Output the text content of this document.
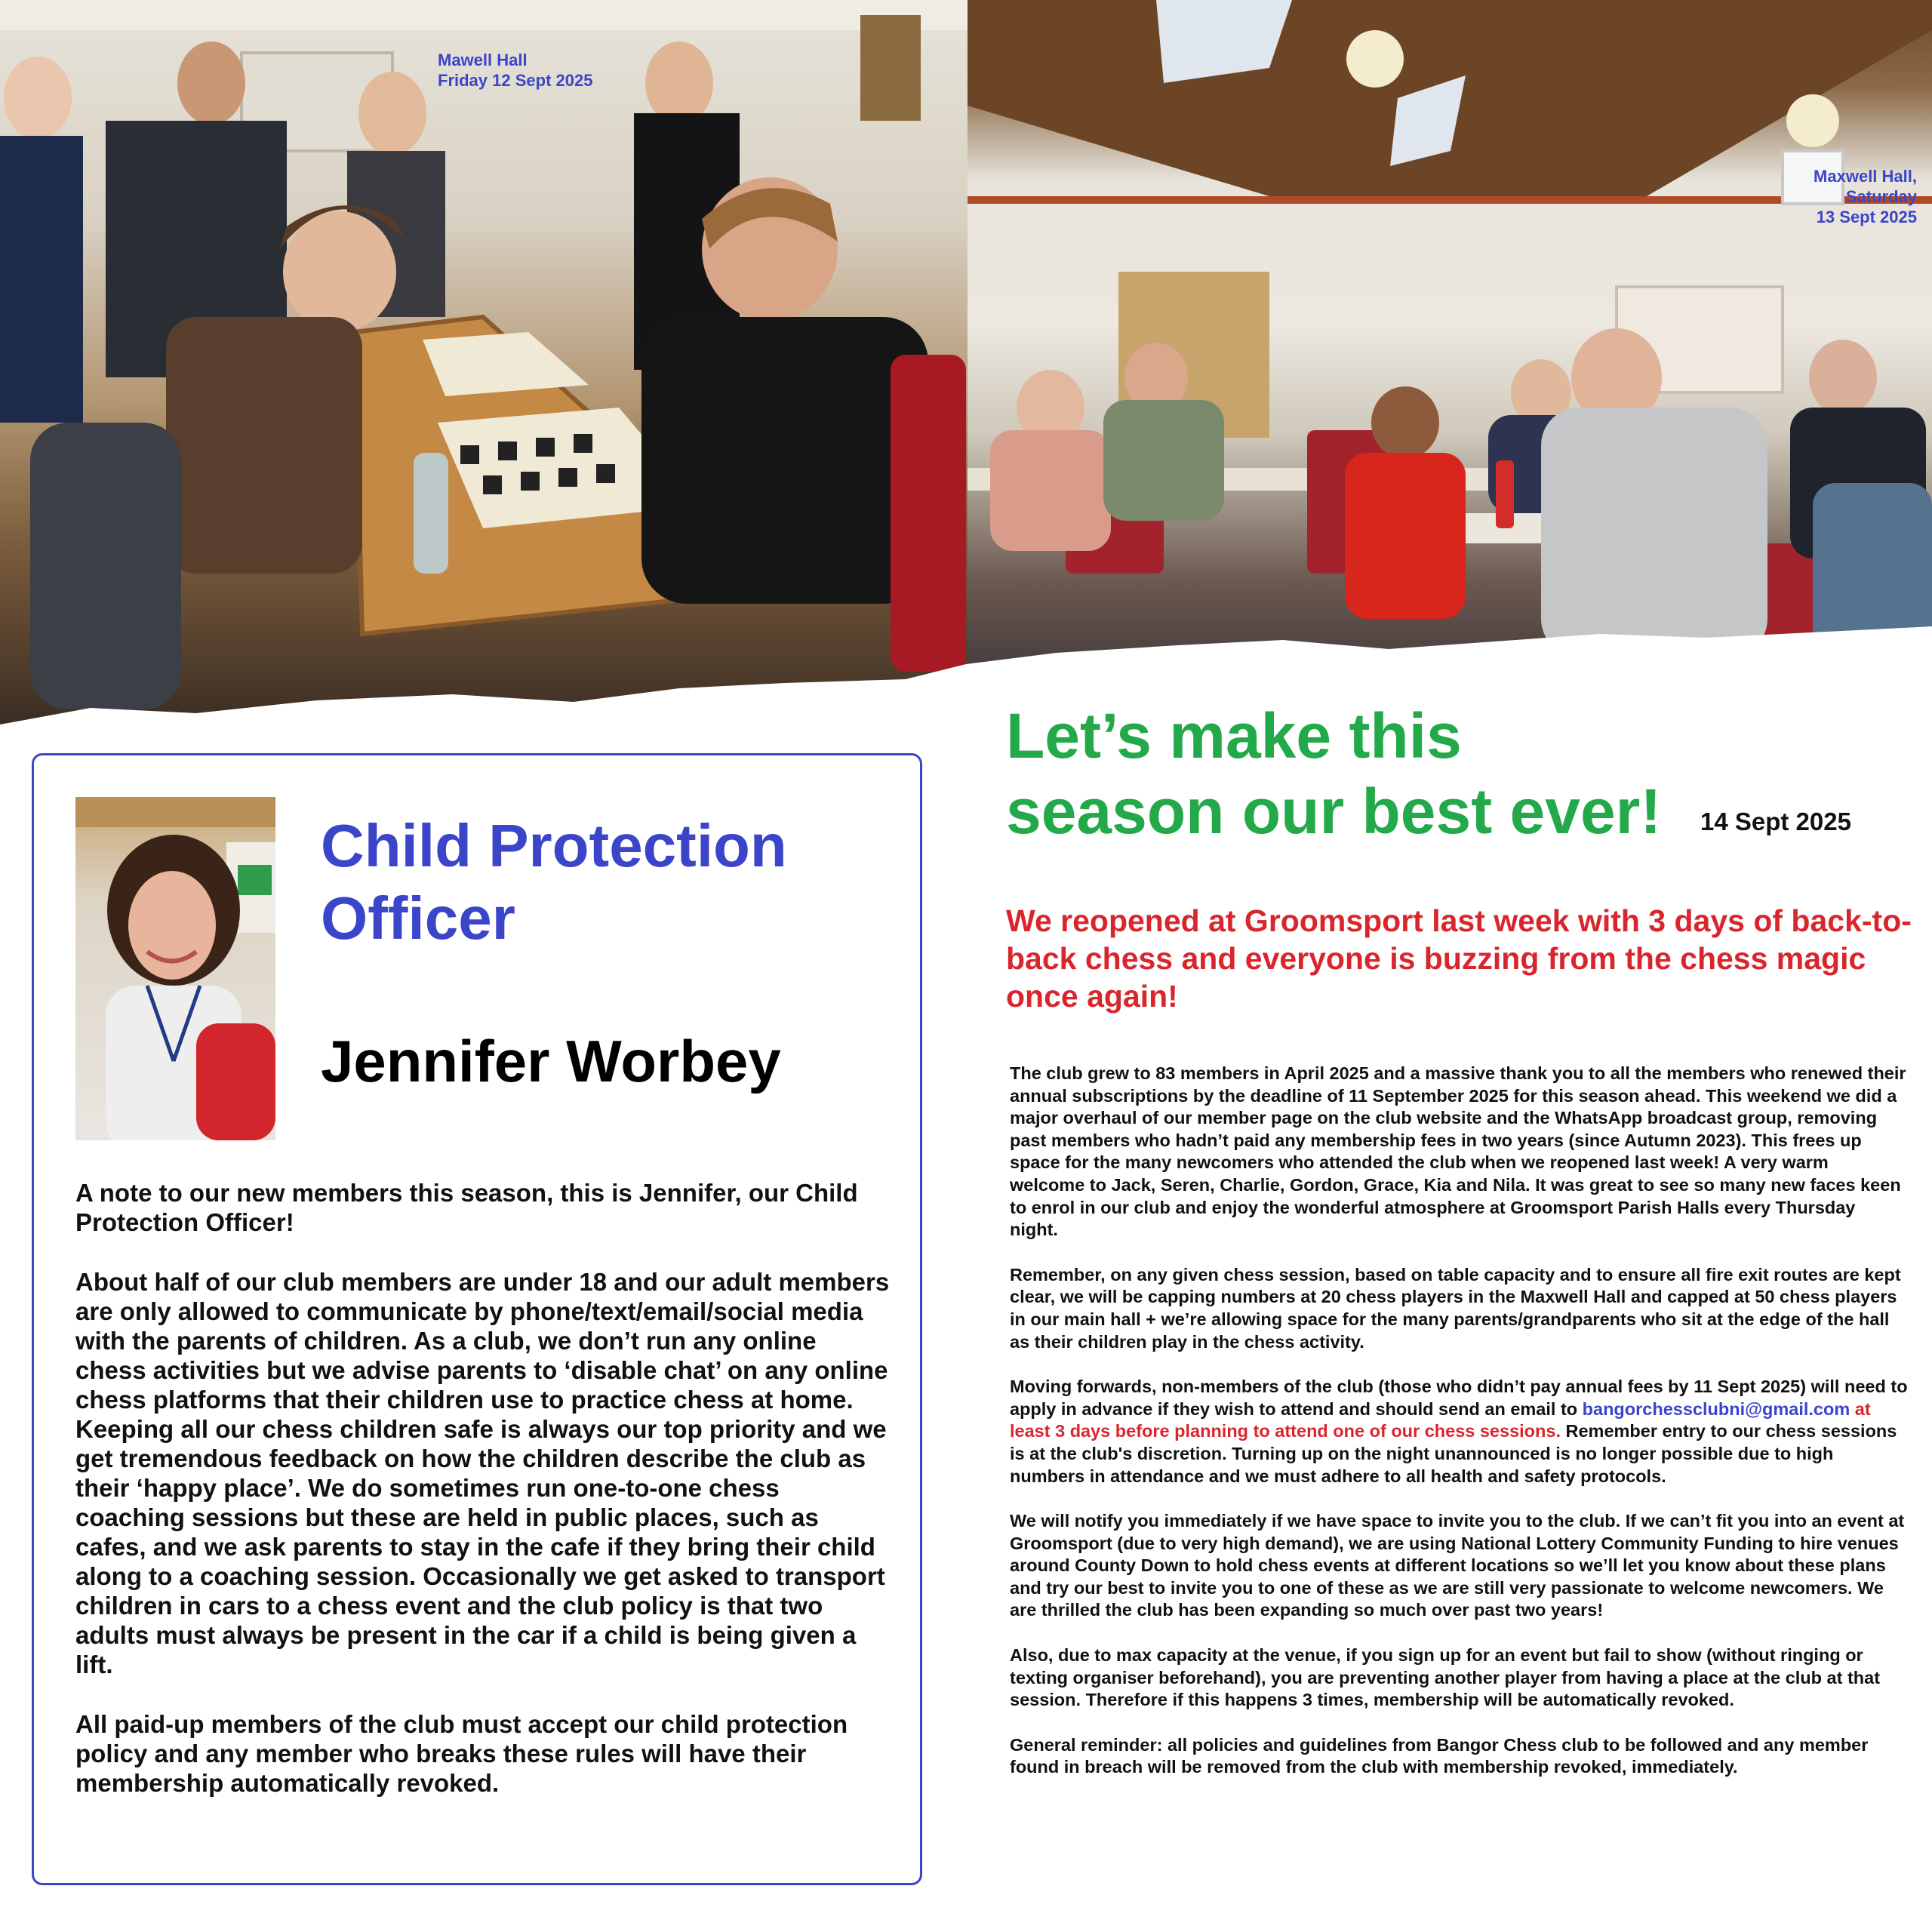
Mawell Hall
Friday 12 Sept 2025
Maxwell Hall,
Saturday
13 Sept 2025
Child Protection
Officer
Jennifer Worbey

A note to our new members this season, this is Jennifer, our Child Protection Officer!

About half of our club members are under 18 and our adult members are only allowed to communicate by phone/text/email/social media with the parents of children. As a club, we don’t run any online chess activities but we advise parents to ‘disable chat’ on any online chess platforms that their children use to practice chess at home. Keeping all our chess children safe is always our top priority and we get tremendous feedback on how the children describe the club as their ‘happy place’. We do sometimes run one-to-one chess coaching sessions but these are held in public places, such as cafes, and we ask parents to stay in the cafe if they bring their child along to a coaching session. Occasionally we get asked to transport children in cars to a chess event and the club policy is that two adults must always be present in the car if a child is being given a lift.

All paid-up members of the club must accept our child protection policy and any member who breaks these rules will have their membership automatically revoked.

Let’s make this
season our best ever! 14 Sept 2025
We reopened at Groomsport last week with 3 days of back-to-back chess and everyone is buzzing from the chess magic once again!

The club grew to 83 members in April 2025 and a massive thank you to all the members who renewed their annual subscriptions by the deadline of 11 September 2025 for this season ahead. This weekend we did a major overhaul of our member page on the club website and the WhatsApp broadcast group, removing past members who hadn’t paid any membership fees in two years (since Autumn 2023). This frees up space for the many newcomers who attended the club when we reopened last week! A very warm welcome to Jack, Seren, Charlie, Gordon, Grace, Kia and Nila. It was great to see so many new faces keen to enrol in our club and enjoy the wonderful atmosphere at Groomsport Parish Halls every Thursday night.

Remember, on any given chess session, based on table capacity and to ensure all fire exit routes are kept clear, we will be capping numbers at 20 chess players in the Maxwell Hall and capped at 50 chess players in our main hall + we’re allowing space for the many parents/grandparents who sit at the edge of the hall as their children play in the chess activity.

Moving forwards, non-members of the club (those who didn’t pay annual fees by 11 Sept 2025) will need to apply in advance if they wish to attend and should send an email to bangorchessclubni@gmail.com at least 3 days before planning to attend one of our chess sessions. Remember entry to our chess sessions is at the club's discretion. Turning up on the night unannounced is no longer possible due to high numbers in attendance and we must adhere to all health and safety protocols.

We will notify you immediately if we have space to invite you to the club. If we can’t fit you into an event at Groomsport (due to very high demand), we are using National Lottery Community Funding to hire venues around County Down to hold chess events at different locations so we’ll let you know about these plans and try our best to invite you to one of these as we are still very passionate to welcome newcomers. We are thrilled the club has been expanding so much over past two years!

Also, due to max capacity at the venue, if you sign up for an event but fail to show (without ringing or texting organiser beforehand), you are preventing another player from having a place at the club at that session. Therefore if this happens 3 times, membership will be automatically revoked.

General reminder: all policies and guidelines from Bangor Chess club to be followed and any member found in breach will be removed from the club with membership revoked, immediately.
